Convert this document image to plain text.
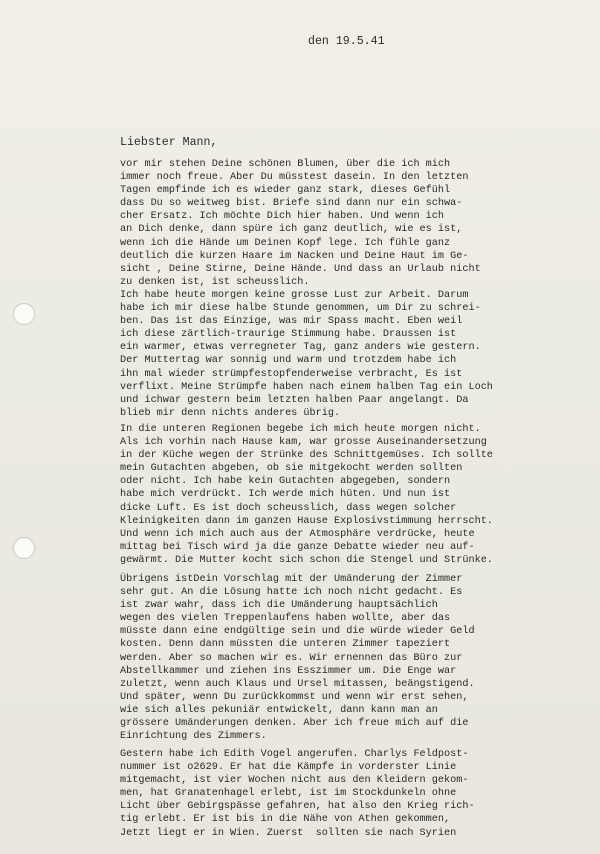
den 19.5.41
Liebster Mann,
vor mir stehen Deine schönen Blumen, über die ich mich
immer noch freue. Aber Du müsstest dasein. In den letzten
Tagen empfinde ich es wieder ganz stark, dieses Gefühl
dass Du so weitweg bist. Briefe sind dann nur ein schwa-
cher Ersatz. Ich möchte Dich hier haben. Und wenn ich
an Dich denke, dann spüre ich ganz deutlich, wie es ist,
wenn ich die Hände um Deinen Kopf lege. Ich fühle ganz
deutlich die kurzen Haare im Nacken und Deine Haut im Ge-
sicht , Deine Stirne, Deine Hände. Und dass an Urlaub nicht
zu denken ist, ist scheusslich.
Ich habe heute morgen keine grosse Lust zur Arbeit. Darum
habe ich mir diese halbe Stunde genommen, um Dir zu schrei-
ben. Das ist das Einzige, was mir Spass macht. Eben weil
ich diese zärtlich-traurige Stimmung habe. Draussen ist
ein warmer, etwas verregneter Tag, ganz anders wie gestern.
Der Muttertag war sonnig und warm und trotzdem habe ich
ihn mal wieder strümpfestopfenderweise verbracht, Es ist
verflixt. Meine Strümpfe haben nach einem halben Tag ein Loch
und ichwar gestern beim letzten halben Paar angelangt. Da
blieb mir denn nichts anderes übrig.
In die unteren Regionen begebe ich mich heute morgen nicht.
Als ich vorhin nach Hause kam, war grosse Auseinandersetzung
in der Küche wegen der Strünke des Schnittgemüses. Ich sollte
mein Gutachten abgeben, ob sie mitgekocht werden sollten
oder nicht. Ich habe kein Gutachten abgegeben, sondern
habe mich verdrückt. Ich werde mich hüten. Und nun ist
dicke Luft. Es ist doch scheusslich, dass wegen solcher
Kleinigkeiten dann im ganzen Hause Explosivstimmung herrscht.
Und wenn ich mich auch aus der Atmosphäre verdrücke, heute
mittag bei Tisch wird ja die ganze Debatte wieder neu auf-
gewärmt. Die Mutter kocht sich schon die Stengel und Strünke.
Übrigens istDein Vorschlag mit der Umänderung der Zimmer
sehr gut. An die Lösung hatte ich noch nicht gedacht. Es
ist zwar wahr, dass ich die Umänderung hauptsächlich
wegen des vielen Treppenlaufens haben wollte, aber das
müsste dann eine endgültige sein und die würde wieder Geld
kosten. Denn dann müssten die unteren Zimmer tapeziert
werden. Aber so machen wir es. Wir ernennen das Büro zur
Abstellkammer und ziehen ins Esszimmer um. Die Enge war
zuletzt, wenn auch Klaus und Ursel mitassen, beängstigend.
Und später, wenn Du zurückkommst und wenn wir erst sehen,
wie sich alles pekuniär entwickelt, dann kann man an
grössere Umänderungen denken. Aber ich freue mich auf die
Einrichtung des Zimmers.
Gestern habe ich Edith Vogel angerufen. Charlys Feldpost-
nummer ist o2629. Er hat die Kämpfe in vorderster Linie
mitgemacht, ist vier Wochen nicht aus den Kleidern gekom-
men, hat Granatenhagel erlebt, ist im Stockdunkeln ohne
Licht über Gebirgspässe gefahren, hat also den Krieg rich-
tig erlebt. Er ist bis in die Nähe von Athen gekommen,
Jetzt liegt er in Wien. Zuerst  sollten sie nach Syrien
